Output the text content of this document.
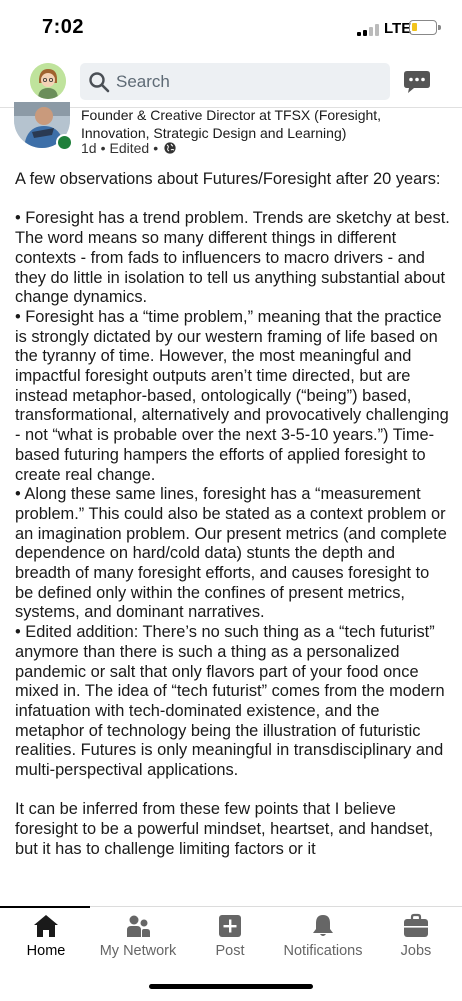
7:02	LTE
Search
Founder & Creative Director at TFSX (Foresight, Innovation, Strategic Design and Learning)
1d • Edited •

A few observations about Futures/Foresight after 20 years:

• Foresight has a trend problem. Trends are sketchy at best. The word means so many different things in different contexts - from fads to influencers to macro drivers - and they do little in isolation to tell us anything substantial about change dynamics.

• Foresight has a “time problem,” meaning that the practice is strongly dictated by our western framing of life based on the tyranny of time. However, the most meaningful and impactful foresight outputs aren’t time directed, but are instead metaphor-based, ontologically (“being”) based, transformational, alternatively and provocatively challenging - not “what is probable over the next 3-5-10 years.”) Time-based futuring hampers the efforts of applied foresight to create real change.

• Along these same lines, foresight has a “measurement problem.” This could also be stated as a context problem or an imagination problem. Our present metrics (and complete dependence on hard/cold data) stunts the depth and breadth of many foresight efforts, and causes foresight to be defined only within the confines of present metrics, systems, and dominant narratives.

• Edited addition: There’s no such thing as a “tech futurist” anymore than there is such a thing as a personalized pandemic or salt that only flavors part of your food once mixed in. The idea of “tech futurist” comes from the modern infatuation with tech-dominated existence, and the metaphor of technology being the illustration of futuristic realities. Futures is only meaningful in transdisciplinary and multi-perspectival applications.

It can be inferred from these few points that I believe foresight to be a powerful mindset, heartset, and handset, but it has to challenge limiting factors or it

Home	My Network	Post	Notifications	Jobs
